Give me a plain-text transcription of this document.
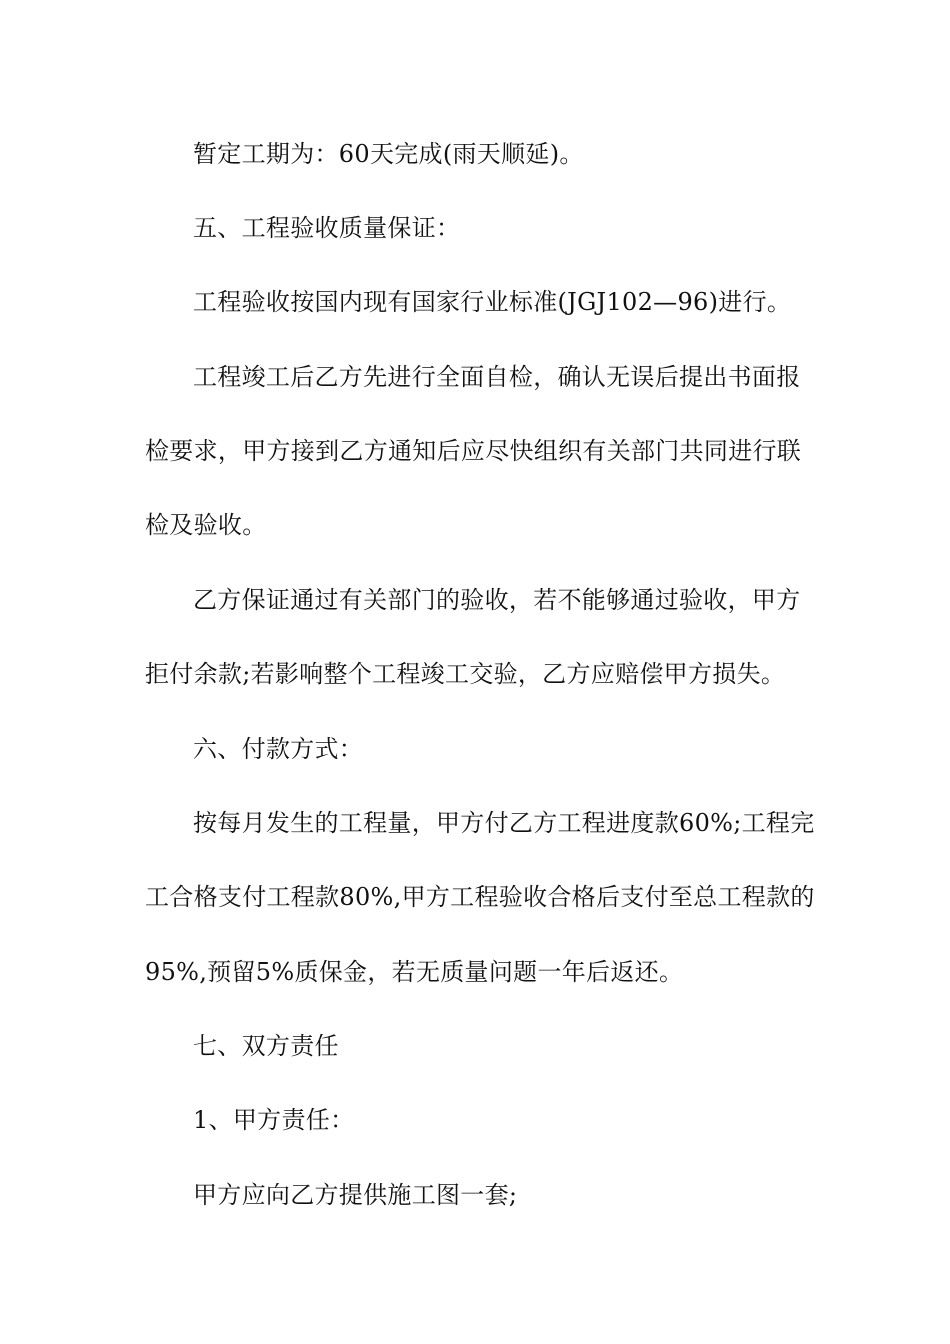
暂定工期为：60天完成(雨天顺延)。
五、工程验收质量保证：
工程验收按国内现有国家行业标准(JGJ102—96)进行。
工程竣工后乙方先进行全面自检，确认无误后提出书面报
检要求，甲方接到乙方通知后应尽快组织有关部门共同进行联
检及验收。
乙方保证通过有关部门的验收，若不能够通过验收，甲方
拒付余款;若影响整个工程竣工交验，乙方应赔偿甲方损失。
六、付款方式：
按每月发生的工程量，甲方付乙方工程进度款60%;工程完
工合格支付工程款80%,甲方工程验收合格后支付至总工程款的
95%,预留5%质保金，若无质量问题一年后返还。
七、双方责任
1、甲方责任：
甲方应向乙方提供施工图一套;
